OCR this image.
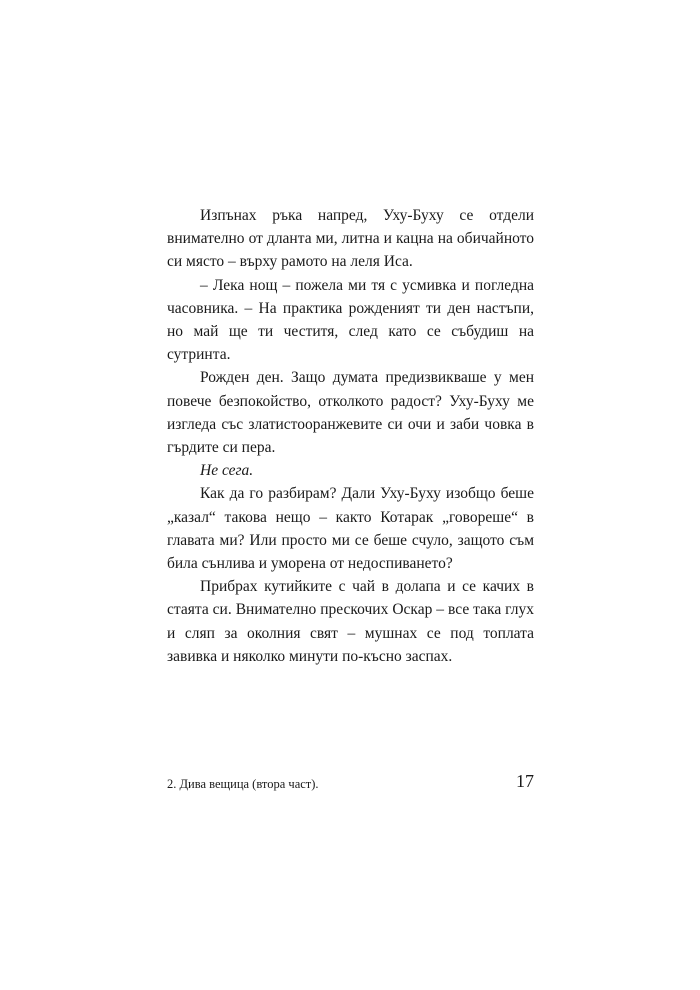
Изпънах ръка напред, Уху-Буху се отдели внимателно от дланта ми, литна и кацна на обичайното си място – върху рамото на леля Иса.

– Лека нощ – пожела ми тя с усмивка и погледна часовника. – На практика рожденият ти ден настъпи, но май ще ти честитя, след като се събудиш на сутринта.

Рожден ден. Защо думата предизвикваше у мен повече безпокойство, отколкото радост? Уху-Буху ме изгледа със златистооранжевите си очи и заби човка в гърдите си пера.

Не сега.

Как да го разбирам? Дали Уху-Буху изобщо беше „казал“ такова нещо – както Котарак „говореше“ в главата ми? Или просто ми се беше счуло, защото съм била сънлива и уморена от недоспиването?

Прибрах кутийките с чай в долапа и се качих в стаята си. Внимателно прескочих Оскар – все така глух и сляп за околния свят – мушнах се под топлата завивка и няколко минути по-късно заспах.

2. Дива вещица (втора част).	17
